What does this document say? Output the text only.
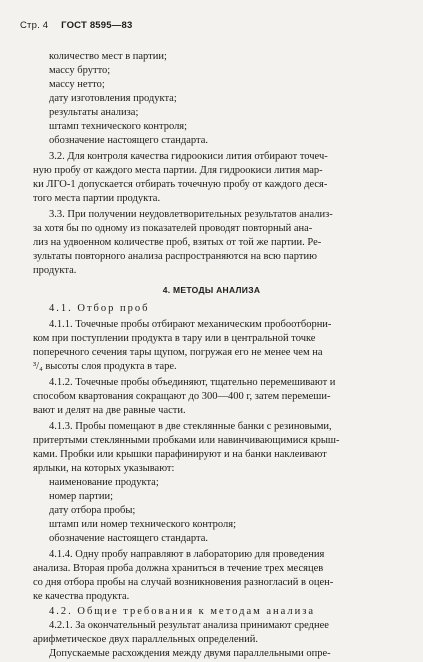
Стр. 4 ГОСТ 8595—83
количество мест в партии;
массу брутто;
массу нетто;
дату изготовления продукта;
результаты анализа;
штамп технического контроля;
обозначение настоящего стандарта.
3.2. Для контроля качества гидроокиси лития отбирают точеч-
ную пробу от каждого места партии. Для гидроокиси лития мар-
ки ЛГО-1 допускается отбирать точечную пробу от каждого деся-
того места партии продукта.
3.3. При получении неудовлетворительных результатов анализ-
за хотя бы по одному из показателей проводят повторный ана-
лиз на удвоенном количестве проб, взятых от той же партии. Ре-
зультаты повторного анализа распространяются на всю партию
продукта.
4. МЕТОДЫ АНАЛИЗА
4.1. Отбор проб
4.1.1. Точечные пробы отбирают механическим пробоотборни-
ком при поступлении продукта в тару или в центральной точке
поперечного сечения тары щупом, погружая его не менее чем на
³/₄ высоты слоя продукта в таре.
4.1.2. Точечные пробы объединяют, тщательно перемешивают и
способом квартования сокращают до 300—400 г, затем перемеши-
вают и делят на две равные части.
4.1.3. Пробы помещают в две стеклянные банки с резиновыми,
притертыми стеклянными пробками или навинчивающимися крыш-
ками. Пробки или крышки парафинируют и на банки наклеивают
ярлыки, на которых указывают:
наименование продукта;
номер партии;
дату отбора пробы;
штамп или номер технического контроля;
обозначение настоящего стандарта.
4.1.4. Одну пробу направляют в лабораторию для проведения
анализа. Вторая проба должна храниться в течение трех месяцев
со дня отбора пробы на случай возникновения разногласий в оцен-
ке качества продукта.
4.2. Общие требования к методам анализа
4.2.1. За окончательный результат анализа принимают среднее
арифметическое двух параллельных определений.
Допускаемые расхождения между двумя параллельными опре-
